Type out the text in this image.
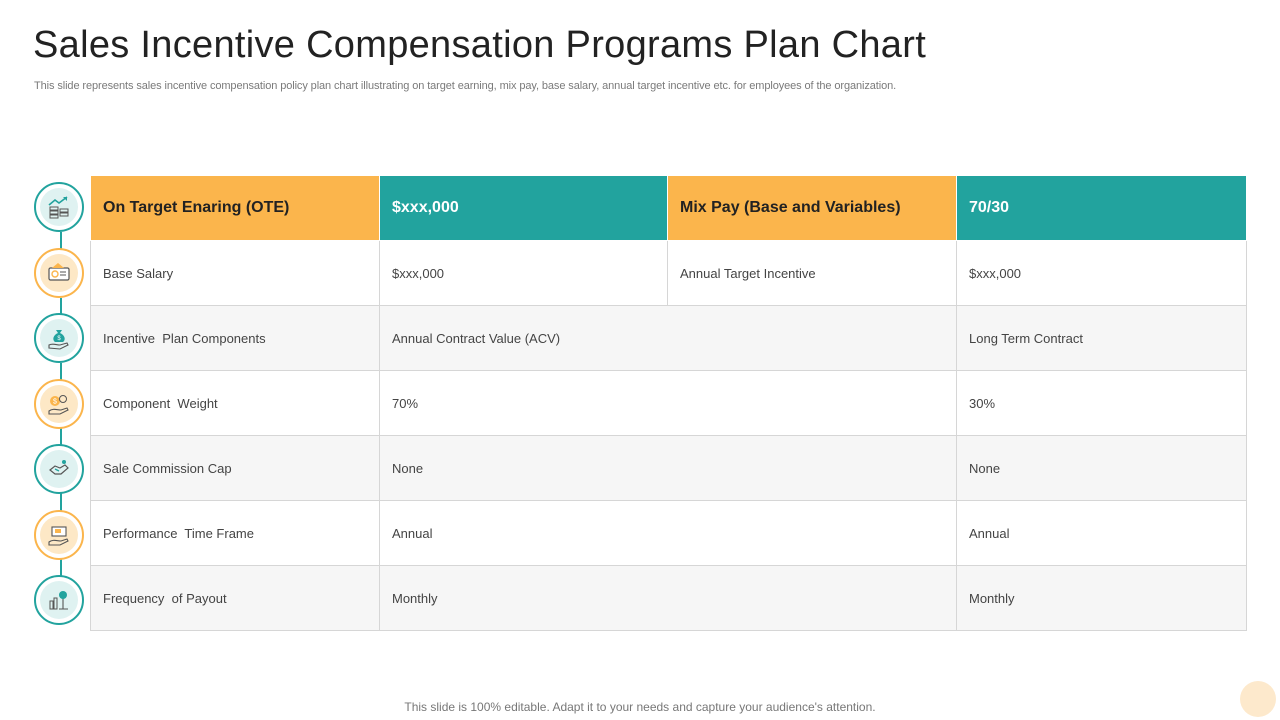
Sales Incentive Compensation Programs Plan Chart
This slide represents sales incentive compensation policy plan chart illustrating on target earning, mix pay, base salary, annual target incentive etc. for employees of the organization.
$
$
On Target Enaring (OTE)	$xxx,000	Mix Pay (Base and Variables)	70/30
Base Salary	$xxx,000	Annual Target Incentive	$xxx,000
Incentive  Plan Components	Annual Contract Value (ACV)		Long Term Contract
Component  Weight	70%		30%
Sale Commission Cap	None		None
Performance  Time Frame	Annual		Annual
Frequency  of Payout	Monthly		Monthly
This slide is 100% editable. Adapt it to your needs and capture your audience's attention.
